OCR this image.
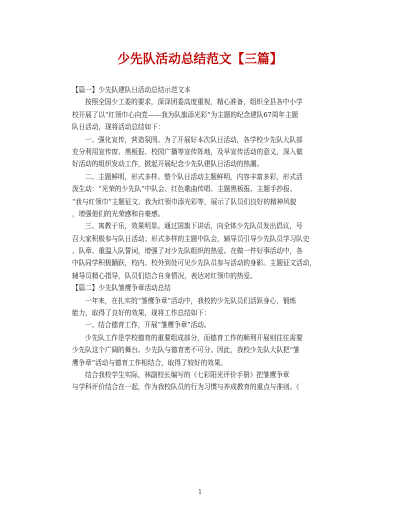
少先队活动总结范文【三篇】
【篇一】少先队建队日活动总结示范文本
按照全国少工委的要求，深泽团委高度重视，精心准备，组织全县各中小学
校开展了以“红领巾心向党——我为队旗添光彩”为主题的纪念建队67周年主题
队日活动，现将活动总结如下：
一、强化宣传，营造氛围。为了开展好本次队日活动，各学校少先队大队部
充分利用宣传窗、黑板报、校园广播等宣传阵地，及早宣传活动的意义，深入做
好活动的组织发动工作，掀起开展纪念少先队建队日活动的热潮。
二、主题鲜明，形式多样。整个队日活动主题鲜明，内容丰富多彩，形式活
泼生动：“光荣的少先队”中队会、红色歌曲传唱、主题黑板报、主题手抄报、
“我与红领巾”主题征文、我为红领巾添光彩等，展示了队员们良好的精神风貌
，增强他们的光荣感和自豪感。
三、寓教于乐，效果明显。通过国旗下讲话，向全体少先队员发出倡议，号
召大家积极参与队日活动；形式多样的主题中队会，辅导员引导少先队员学习队史
、队章、重温入队誓词，增强了对少先队组织的热爱。在做一件好事活动中，各
中队同学积极踊跃，校内、校外到处可见少先队员参与活动的身影。主题征文活动，
辅导员精心指导，队员们结合自身情况，表达对红领巾的热爱。
【篇二】少先队雏鹰争章活动总结
一年来，在扎实的“雏鹰争章”活动中，我校的少先队员们活跃身心，锻炼
能力，取得了良好的效果，现将工作总结如下：
一、结合德育工作，开展“雏鹰争章”活动。
少先队工作是学校德育的重要组成部分，而德育工作的顺利开展则往往需要
少先队这个广阔的舞台。少先队与德育密不可分。因此，我校少先队大队把“雏
鹰争章”活动与德育工作相结合，取得了较好的效果。
结合我校学生实际，林副校长编写的《七彩阳光评价手册》把雏鹰争章
与学科评价结合在一起，作为我校队员的行为习惯与养成教育的重点与准则。《
1
